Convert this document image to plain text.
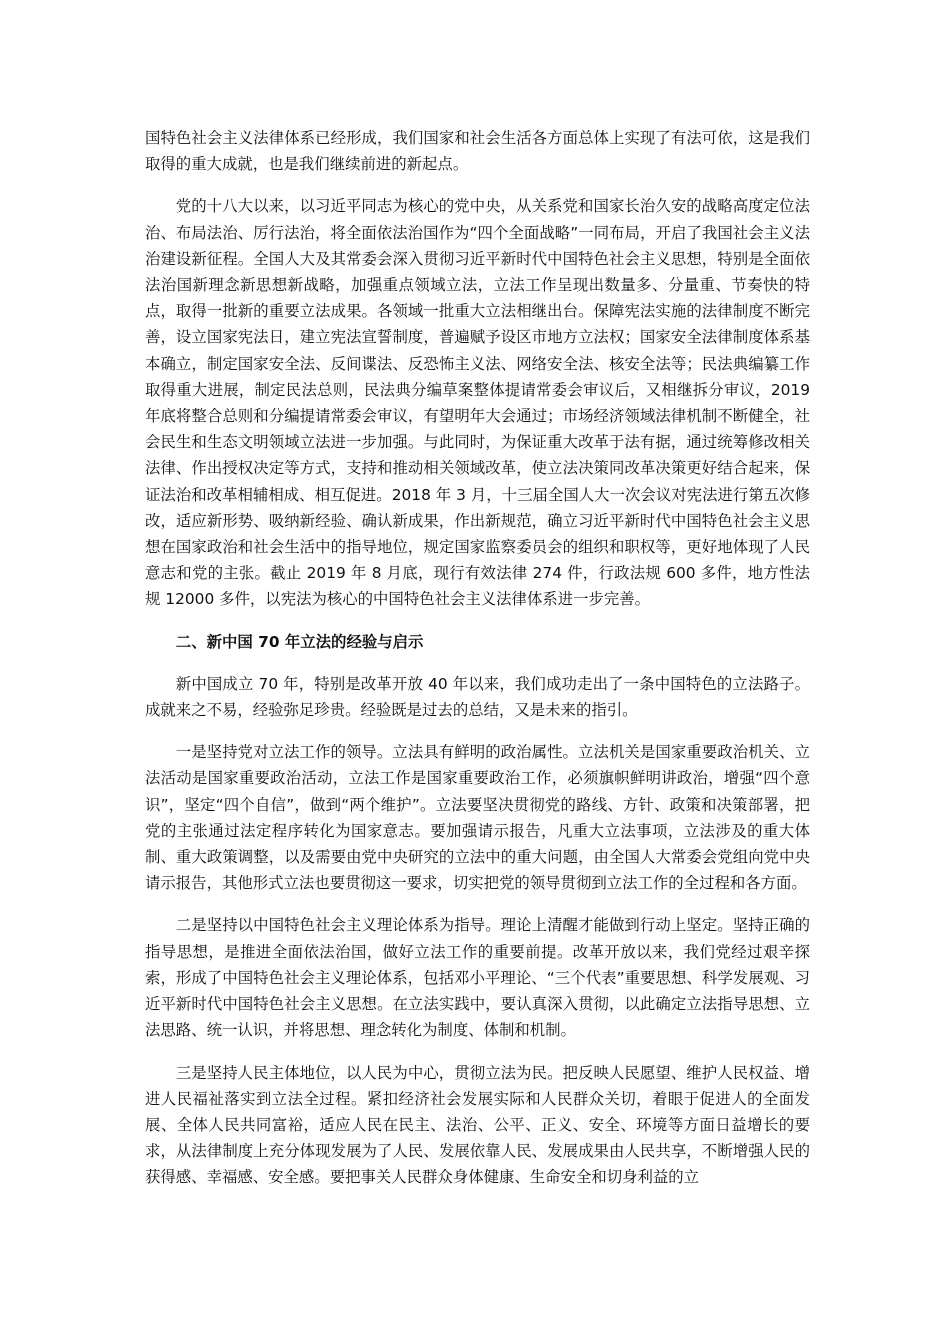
国特色社会主义法律体系已经形成，我们国家和社会生活各方面总体上实现了有法可依，这是我们取得的重大成就，也是我们继续前进的新起点。

党的十八大以来，以习近平同志为核心的党中央，从关系党和国家长治久安的战略高度定位法治、布局法治、厉行法治，将全面依法治国作为“四个全面战略”一同布局，开启了我国社会主义法治建设新征程。全国人大及其常委会深入贯彻习近平新时代中国特色社会主义思想，特别是全面依法治国新理念新思想新战略，加强重点领域立法，立法工作呈现出数量多、分量重、节奏快的特点，取得一批新的重要立法成果。各领域一批重大立法相继出台。保障宪法实施的法律制度不断完善，设立国家宪法日，建立宪法宣誓制度，普遍赋予设区市地方立法权；国家安全法律制度体系基本确立，制定国家安全法、反间谍法、反恐怖主义法、网络安全法、核安全法等；民法典编纂工作取得重大进展，制定民法总则，民法典分编草案整体提请常委会审议后，又相继拆分审议，2019年底将整合总则和分编提请常委会审议，有望明年大会通过；市场经济领域法律机制不断健全，社会民生和生态文明领域立法进一步加强。与此同时，为保证重大改革于法有据，通过统筹修改相关法律、作出授权决定等方式，支持和推动相关领域改革，使立法决策同改革决策更好结合起来，保证法治和改革相辅相成、相互促进。2018 年 3 月，十三届全国人大一次会议对宪法进行第五次修改，适应新形势、吸纳新经验、确认新成果，作出新规范，确立习近平新时代中国特色社会主义思想在国家政治和社会生活中的指导地位，规定国家监察委员会的组织和职权等，更好地体现了人民意志和党的主张。截止 2019 年 8 月底，现行有效法律 274 件，行政法规 600 多件，地方性法规 12000 多件，以宪法为核心的中国特色社会主义法律体系进一步完善。

二、新中国 70 年立法的经验与启示

新中国成立 70 年，特别是改革开放 40 年以来，我们成功走出了一条中国特色的立法路子。成就来之不易，经验弥足珍贵。经验既是过去的总结，又是未来的指引。

一是坚持党对立法工作的领导。立法具有鲜明的政治属性。立法机关是国家重要政治机关、立法活动是国家重要政治活动，立法工作是国家重要政治工作，必须旗帜鲜明讲政治，增强“四个意识”，坚定“四个自信”，做到“两个维护”。立法要坚决贯彻党的路线、方针、政策和决策部署，把党的主张通过法定程序转化为国家意志。要加强请示报告，凡重大立法事项，立法涉及的重大体制、重大政策调整，以及需要由党中央研究的立法中的重大问题，由全国人大常委会党组向党中央请示报告，其他形式立法也要贯彻这一要求，切实把党的领导贯彻到立法工作的全过程和各方面。

二是坚持以中国特色社会主义理论体系为指导。理论上清醒才能做到行动上坚定。坚持正确的指导思想，是推进全面依法治国，做好立法工作的重要前提。改革开放以来，我们党经过艰辛探索，形成了中国特色社会主义理论体系，包括邓小平理论、“三个代表”重要思想、科学发展观、习近平新时代中国特色社会主义思想。在立法实践中，要认真深入贯彻，以此确定立法指导思想、立法思路、统一认识，并将思想、理念转化为制度、体制和机制。

三是坚持人民主体地位，以人民为中心，贯彻立法为民。把反映人民愿望、维护人民权益、增进人民福祉落实到立法全过程。紧扣经济社会发展实际和人民群众关切，着眼于促进人的全面发展、全体人民共同富裕，适应人民在民主、法治、公平、正义、安全、环境等方面日益增长的要求，从法律制度上充分体现发展为了人民、发展依靠人民、发展成果由人民共享，不断增强人民的获得感、幸福感、安全感。要把事关人民群众身体健康、生命安全和切身利益的立
